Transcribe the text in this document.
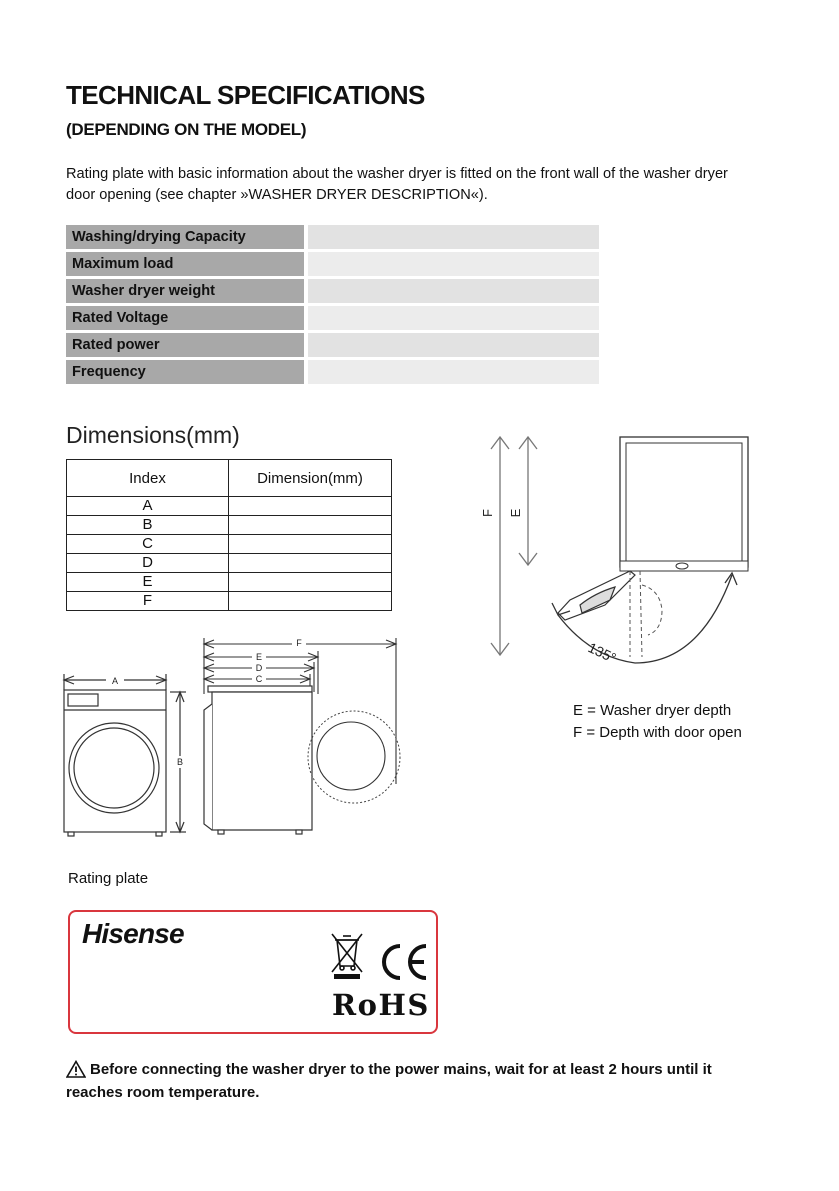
TECHNICAL SPECIFICATIONS
(DEPENDING ON THE MODEL)
Rating plate with basic information about the washer dryer is fitted on the front wall of the washer dryer door opening (see chapter »WASHER DRYER DESCRIPTION«).
Washing/drying Capacity	
Maximum load	
Washer dryer weight	
Rated Voltage	
Rated power	
Frequency	
Dimensions(mm)
Index	Dimension(mm)
A	
B	
C	
D	
E	
F	
F E
135°
A
B
F
E
D
C
E = Washer dryer depth
F = Depth with door open
Rating plate
Hisense
RoHS
Before connecting the washer dryer to the power mains, wait for at least 2 hours until it reaches room temperature.
